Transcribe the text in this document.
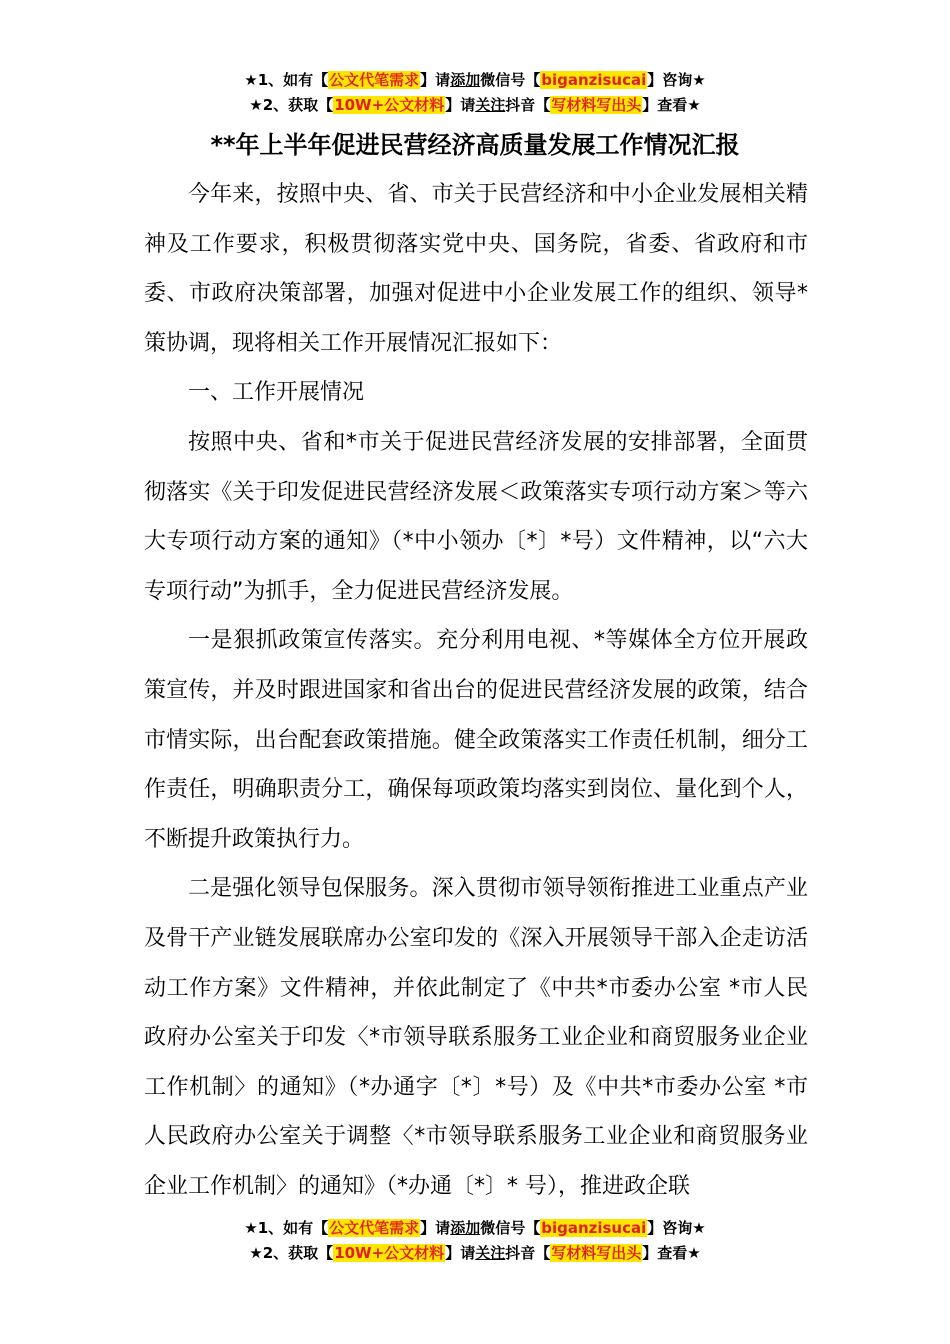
★1、如有【公文代笔需求】请添加微信号【biganzisucai】咨询★
★2、获取【10W+公文材料】请关注抖音【写材料写出头】查看★
**年上半年促进民营经济高质量发展工作情况汇报

今年来，按照中央、省、市关于民营经济和中小企业发展相关精神及工作要求，积极贯彻落实党中央、国务院，省委、省政府和市委、市政府决策部署，加强对促进中小企业发展工作的组织、领导*策协调，现将相关工作开展情况汇报如下：

一、工作开展情况

按照中央、省和*市关于促进民营经济发展的安排部署，全面贯彻落实《关于印发促进民营经济发展＜政策落实专项行动方案＞等六大专项行动方案的通知》（*中小领办〔*〕*号）文件精神，以“六大专项行动”为抓手，全力促进民营经济发展。

一是狠抓政策宣传落实。充分利用电视、*等媒体全方位开展政策宣传，并及时跟进国家和省出台的促进民营经济发展的政策，结合市情实际，出台配套政策措施。健全政策落实工作责任机制，细分工作责任，明确职责分工，确保每项政策均落实到岗位、量化到个人，不断提升政策执行力。

二是强化领导包保服务。深入贯彻市领导领衔推进工业重点产业及骨干产业链发展联席办公室印发的《深入开展领导干部入企走访活动工作方案》文件精神，并依此制定了《中共*市委办公室 *市人民政府办公室关于印发〈*市领导联系服务工业企业和商贸服务业企业工作机制〉的通知》（*办通字〔*〕*号）及《中共*市委办公室 *市人民政府办公室关于调整〈*市领导联系服务工业企业和商贸服务业企业工作机制〉的通知》（*办通〔*〕* 号），推进政企联

★1、如有【公文代笔需求】请添加微信号【biganzisucai】咨询★
★2、获取【10W+公文材料】请关注抖音【写材料写出头】查看★
